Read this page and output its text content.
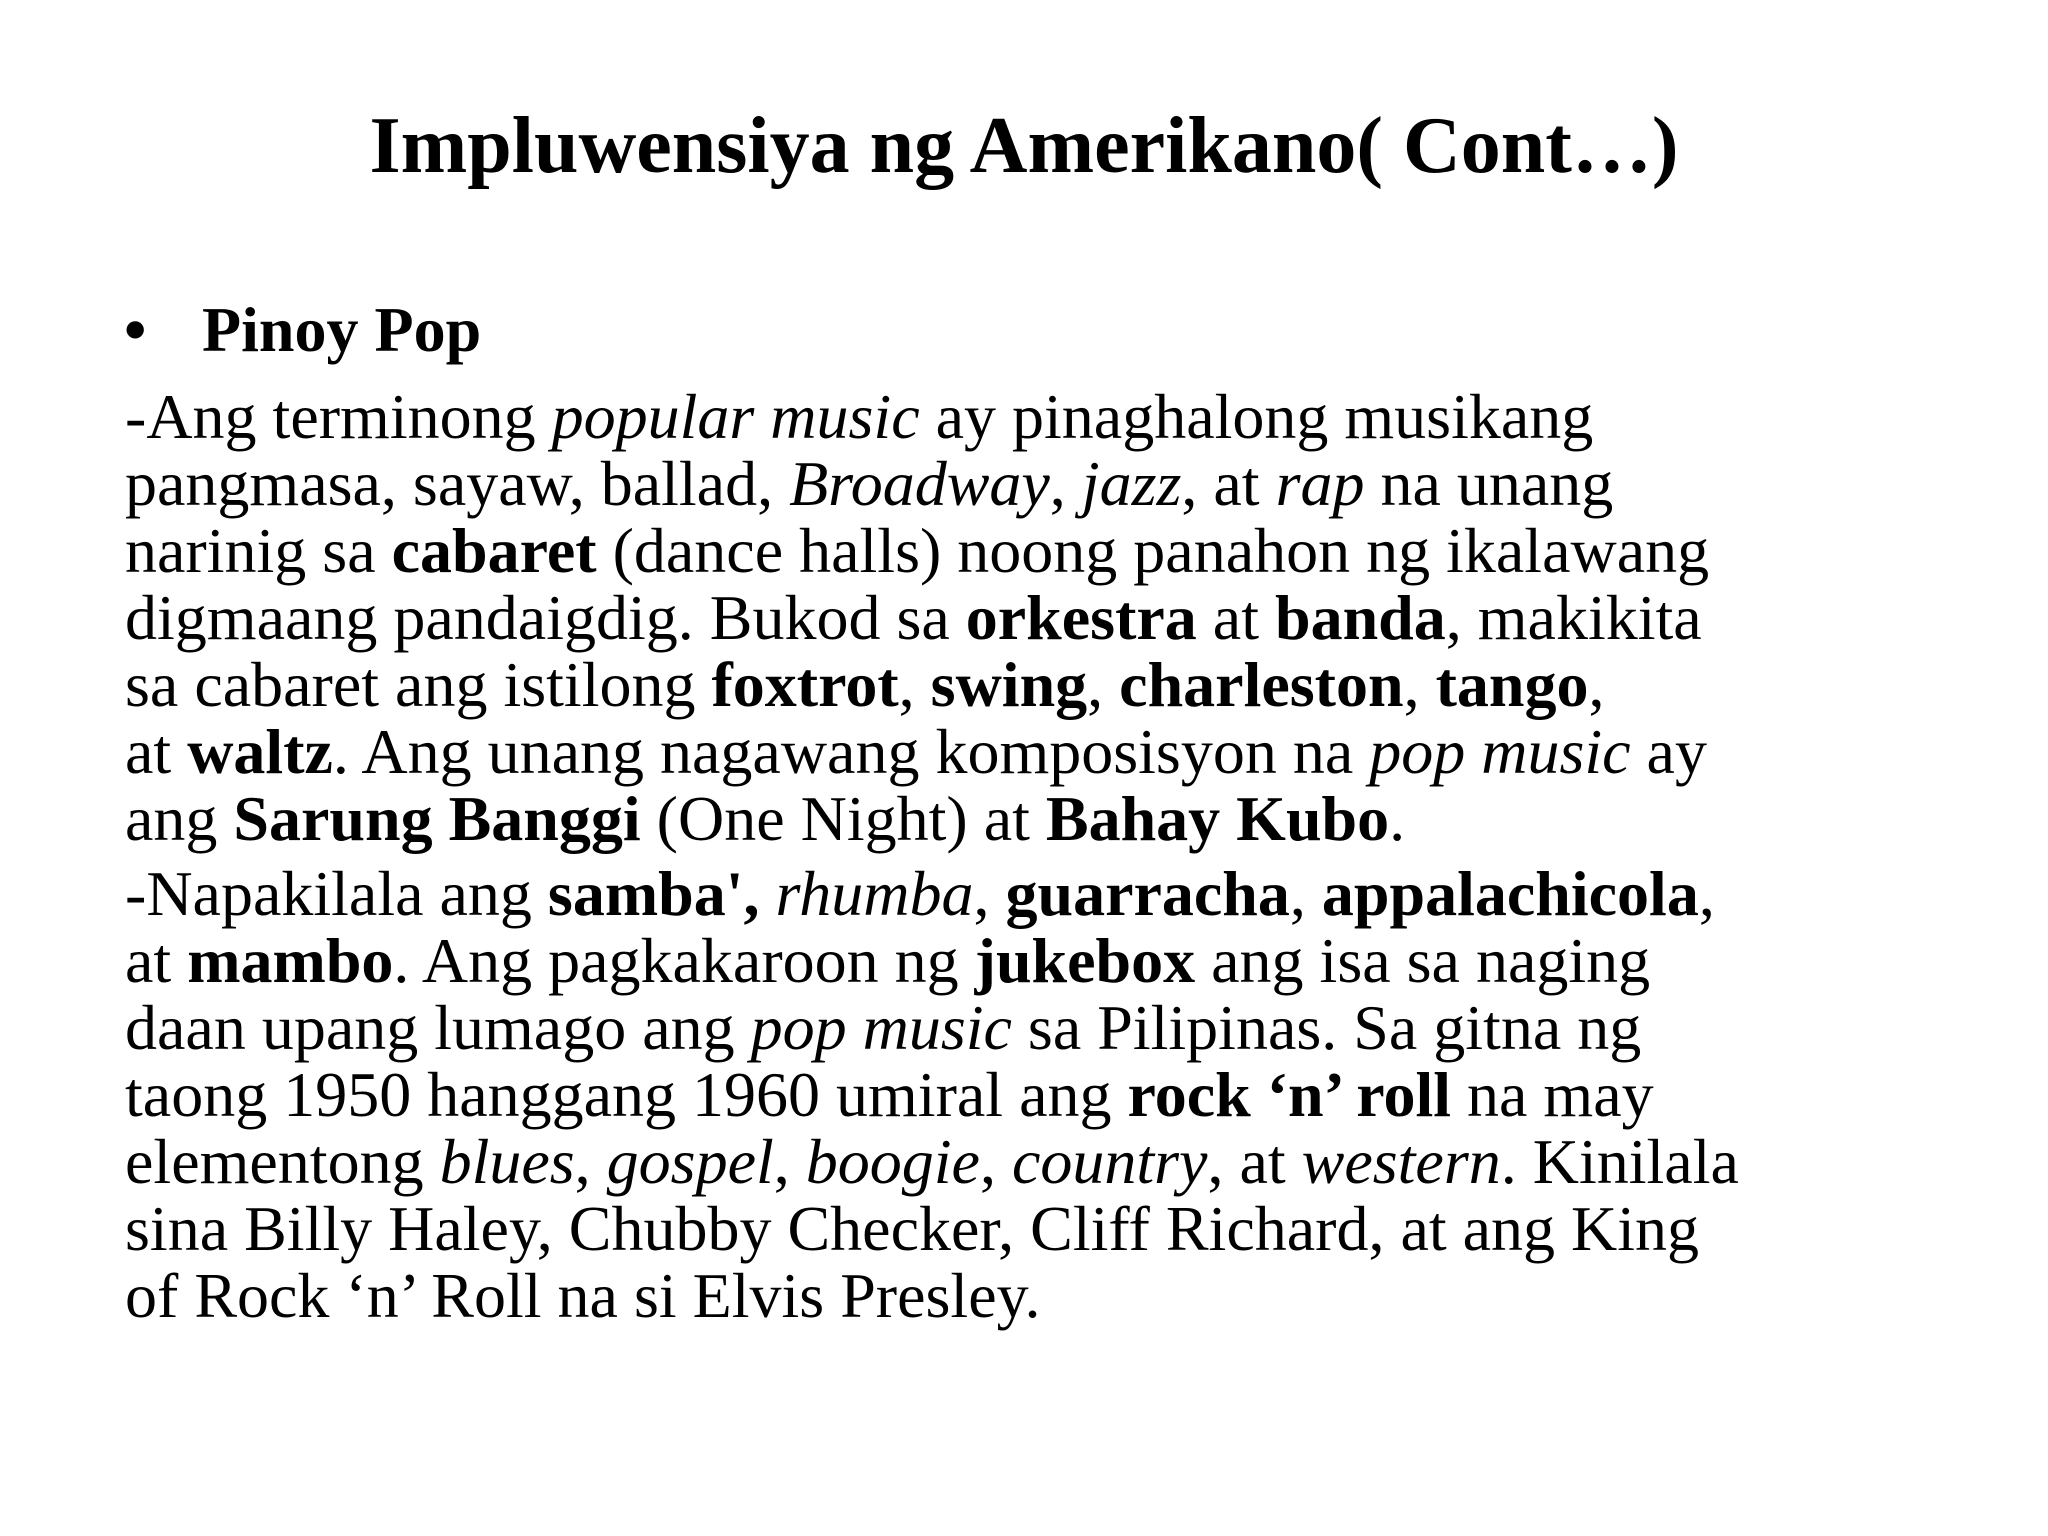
Impluwensiya ng Amerikano( Cont…)
• Pinoy Pop
-Ang terminong popular music ay pinaghalong musikang
pangmasa, sayaw, ballad, Broadway, jazz, at rap na unang
narinig sa cabaret (dance halls) noong panahon ng ikalawang
digmaang pandaigdig. Bukod sa orkestra at banda, makikita
sa cabaret ang istilong foxtrot, swing, charleston, tango,
at waltz. Ang unang nagawang komposisyon na pop music ay
ang Sarung Banggi (One Night) at Bahay Kubo.
-Napakilala ang samba', rhumba, guarracha, appalachicola,
at mambo. Ang pagkakaroon ng jukebox ang isa sa naging
daan upang lumago ang pop music sa Pilipinas. Sa gitna ng
taong 1950 hanggang 1960 umiral ang rock ‘n’ roll na may
elementong blues, gospel, boogie, country, at western. Kinilala
sina Billy Haley, Chubby Checker, Cliff Richard, at ang King
of Rock ‘n’ Roll na si Elvis Presley.
